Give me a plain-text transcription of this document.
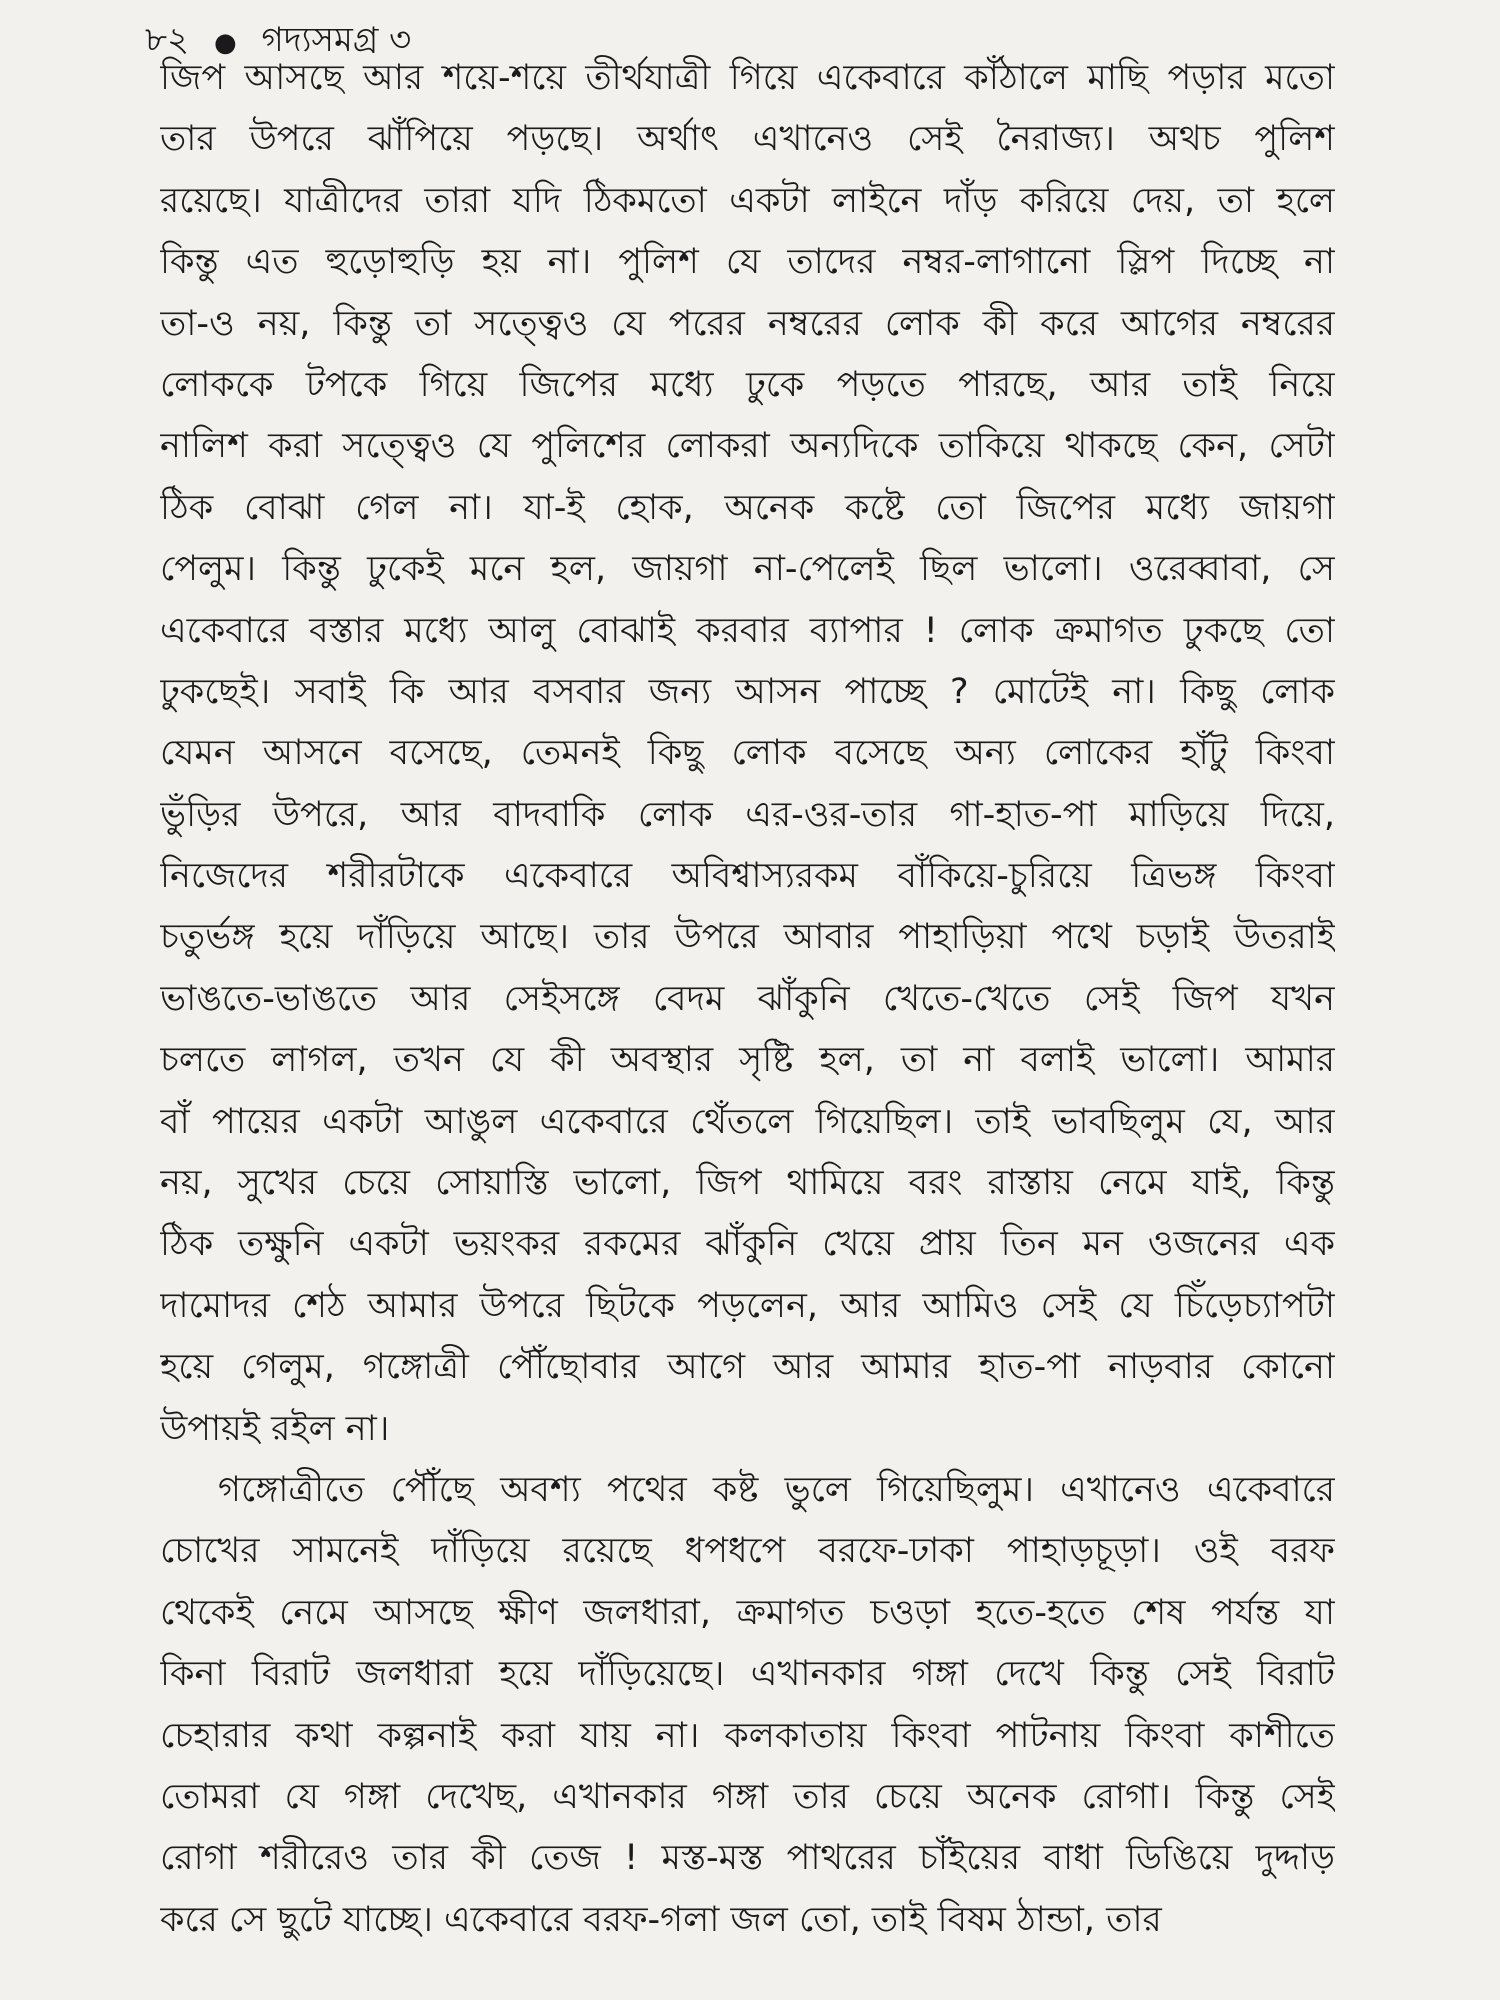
৮২ ● গদ্যসমগ্র ৩
জিপ আসছে আর শয়ে-শয়ে তীর্থযাত্রী গিয়ে একেবারে কাঁঠালে মাছি পড়ার মতো
তার উপরে ঝাঁপিয়ে পড়ছে। অর্থাৎ এখানেও সেই নৈরাজ্য। অথচ পুলিশ
রয়েছে। যাত্রীদের তারা যদি ঠিকমতো একটা লাইনে দাঁড় করিয়ে দেয়, তা হলে
কিন্তু এত হুড়োহুড়ি হয় না। পুলিশ যে তাদের নম্বর-লাগানো স্লিপ দিচ্ছে না
তা-ও নয়, কিন্তু তা সত্ত্বেও যে পরের নম্বরের লোক কী করে আগের নম্বরের
লোককে টপকে গিয়ে জিপের মধ্যে ঢুকে পড়তে পারছে, আর তাই নিয়ে
নালিশ করা সত্ত্বেও যে পুলিশের লোকরা অন্যদিকে তাকিয়ে থাকছে কেন, সেটা
ঠিক বোঝা গেল না। যা-ই হোক, অনেক কষ্টে তো জিপের মধ্যে জায়গা
পেলুম। কিন্তু ঢুকেই মনে হল, জায়গা না-পেলেই ছিল ভালো। ওরেব্বাবা, সে
একেবারে বস্তার মধ্যে আলু বোঝাই করবার ব্যাপার ! লোক ক্রমাগত ঢুকছে তো
ঢুকছেই। সবাই কি আর বসবার জন্য আসন পাচ্ছে ? মোটেই না। কিছু লোক
যেমন আসনে বসেছে, তেমনই কিছু লোক বসেছে অন্য লোকের হাঁটু কিংবা
ভুঁড়ির উপরে, আর বাদবাকি লোক এর-ওর-তার গা-হাত-পা মাড়িয়ে দিয়ে,
নিজেদের শরীরটাকে একেবারে অবিশ্বাস্যরকম বাঁকিয়ে-চুরিয়ে ত্রিভঙ্গ কিংবা
চতুর্ভঙ্গ হয়ে দাঁড়িয়ে আছে। তার উপরে আবার পাহাড়িয়া পথে চড়াই উতরাই
ভাঙতে-ভাঙতে আর সেইসঙ্গে বেদম ঝাঁকুনি খেতে-খেতে সেই জিপ যখন
চলতে লাগল, তখন যে কী অবস্থার সৃষ্টি হল, তা না বলাই ভালো। আমার
বাঁ পায়ের একটা আঙুল একেবারে থেঁতলে গিয়েছিল। তাই ভাবছিলুম যে, আর
নয়, সুখের চেয়ে সোয়াস্তি ভালো, জিপ থামিয়ে বরং রাস্তায় নেমে যাই, কিন্তু
ঠিক তক্ষুনি একটা ভয়ংকর রকমের ঝাঁকুনি খেয়ে প্রায় তিন মন ওজনের এক
দামোদর শেঠ আমার উপরে ছিটকে পড়লেন, আর আমিও সেই যে চিঁড়েচ্যাপটা
হয়ে গেলুম, গঙ্গোত্রী পৌঁছোবার আগে আর আমার হাত-পা নাড়বার কোনো
উপায়ই রইল না।
গঙ্গোত্রীতে পৌঁছে অবশ্য পথের কষ্ট ভুলে গিয়েছিলুম। এখানেও একেবারে
চোখের সামনেই দাঁড়িয়ে রয়েছে ধপধপে বরফে-ঢাকা পাহাড়চূড়া। ওই বরফ
থেকেই নেমে আসছে ক্ষীণ জলধারা, ক্রমাগত চওড়া হতে-হতে শেষ পর্যন্ত যা
কিনা বিরাট জলধারা হয়ে দাঁড়িয়েছে। এখানকার গঙ্গা দেখে কিন্তু সেই বিরাট
চেহারার কথা কল্পনাই করা যায় না। কলকাতায় কিংবা পাটনায় কিংবা কাশীতে
তোমরা যে গঙ্গা দেখেছ, এখানকার গঙ্গা তার চেয়ে অনেক রোগা। কিন্তু সেই
রোগা শরীরেও তার কী তেজ ! মস্ত-মস্ত পাথরের চাঁইয়ের বাধা ডিঙিয়ে দুদ্দাড়
করে সে ছুটে যাচ্ছে। একেবারে বরফ-গলা জল তো, তাই বিষম ঠান্ডা, তার
